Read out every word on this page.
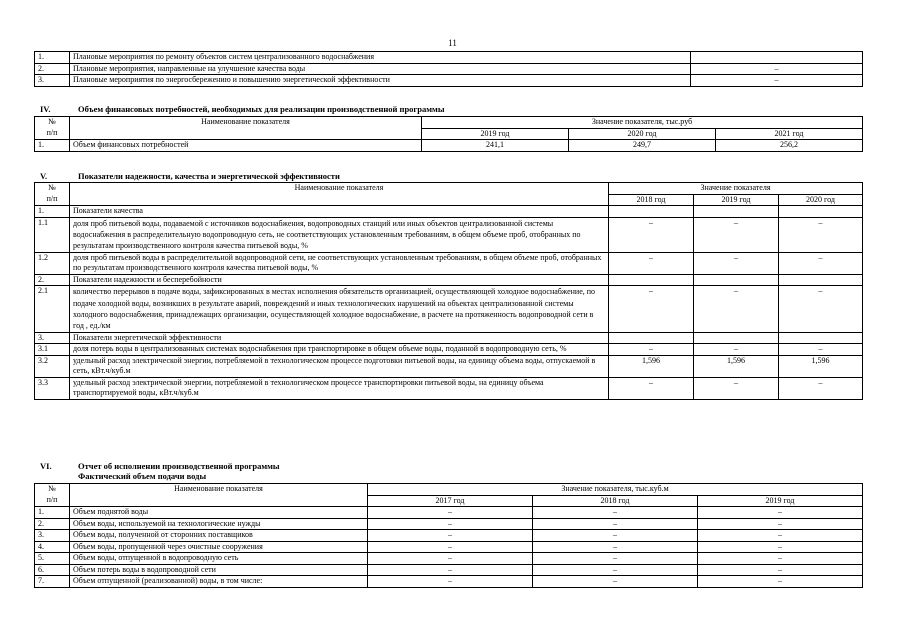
11
1.	Плановые мероприятия по ремонту объектов систем централизованного водоснабжения	
2.	Плановые мероприятия, направленные на улучшение качества воды	–
3.	Плановые мероприятия по энергосбережению и повышению энергетической эффективности	–
IV.	Объем финансовых потребностей, необходимых для реализации производственной программы
№	Наименование показателя	Значение показателя, тыс.руб		
п/п		2019 год	2020 год	2021 год
1.	Объем финансовых потребностей	241,1	249,7	256,2
V.	Показатели надежности, качества и энергетической эффективности
№	Наименование показателя	Значение показателя		
п/п		2018 год	2019 год	2020 год
1.	Показатели качества			
1.1	доля проб питьевой воды, подаваемой с источников водоснабжения, водопроводных станций или иных объектов централизованной системы водоснабжения в распределительную водопроводную сеть, не соответствующих установленным требованиям, в общем объеме проб, отобранных по результатам производственного контроля качества питьевой воды, %	–	–	–
1.2	доля проб питьевой воды в распределительной водопроводной сети, не соответствующих установленным требованиям, в общем объеме проб, отобранных по результатам производственного контроля качества питьевой воды, %	–	–	–
2.	Показатели надежности и бесперебойности			
2.1	количество перерывов в подаче воды, зафиксированных в местах исполнения обязательств организацией, осуществляющей холодное водоснабжение, по подаче холодной воды, возникших в результате аварий, повреждений и иных технологических нарушений на объектах централизованной системы холодного водоснабжения, принадлежащих организации, осуществляющей холодное водоснабжение, в расчете на протяженность водопроводной сети в год , ед./км	–	–	–
3.	Показатели энергетической эффективности			
3.1	доля потерь воды в централизованных системах водоснабжения при транспортировке в общем объеме воды, поданной в водопроводную сеть, %	–	–	–
3.2	удельный расход электрической энергии, потребляемой в технологическом процессе подготовки питьевой воды, на единицу объема воды, отпускаемой в сеть, кВт.ч/куб.м	1,596	1,596	1,596
3.3	удельный расход электрической энергии, потребляемой в технологическом процессе транспортировки питьевой воды, на единицу объема транспортируемой воды, кВт.ч/куб.м	–	–	–
VI.	Отчет об исполнении производственной программы
Фактический объем подачи воды
№	Наименование показателя	Значение показателя, тыс.куб.м		
п/п		2017 год	2018 год	2019 год
1.	Объем поднятой воды	–	–	–
2.	Объем воды, используемой на технологические нужды	–	–	–
3.	Объем воды, полученной от сторонних поставщиков	–	–	–
4.	Объем воды, пропущенной через очистные сооружения	–	–	–
5.	Объем воды, отпущенной в водопроводную сеть	–	–	–
6.	Объем потерь воды в водопроводной сети	–	–	–
7.	Объем отпущенной (реализованной) воды, в том числе:	–	–	–
